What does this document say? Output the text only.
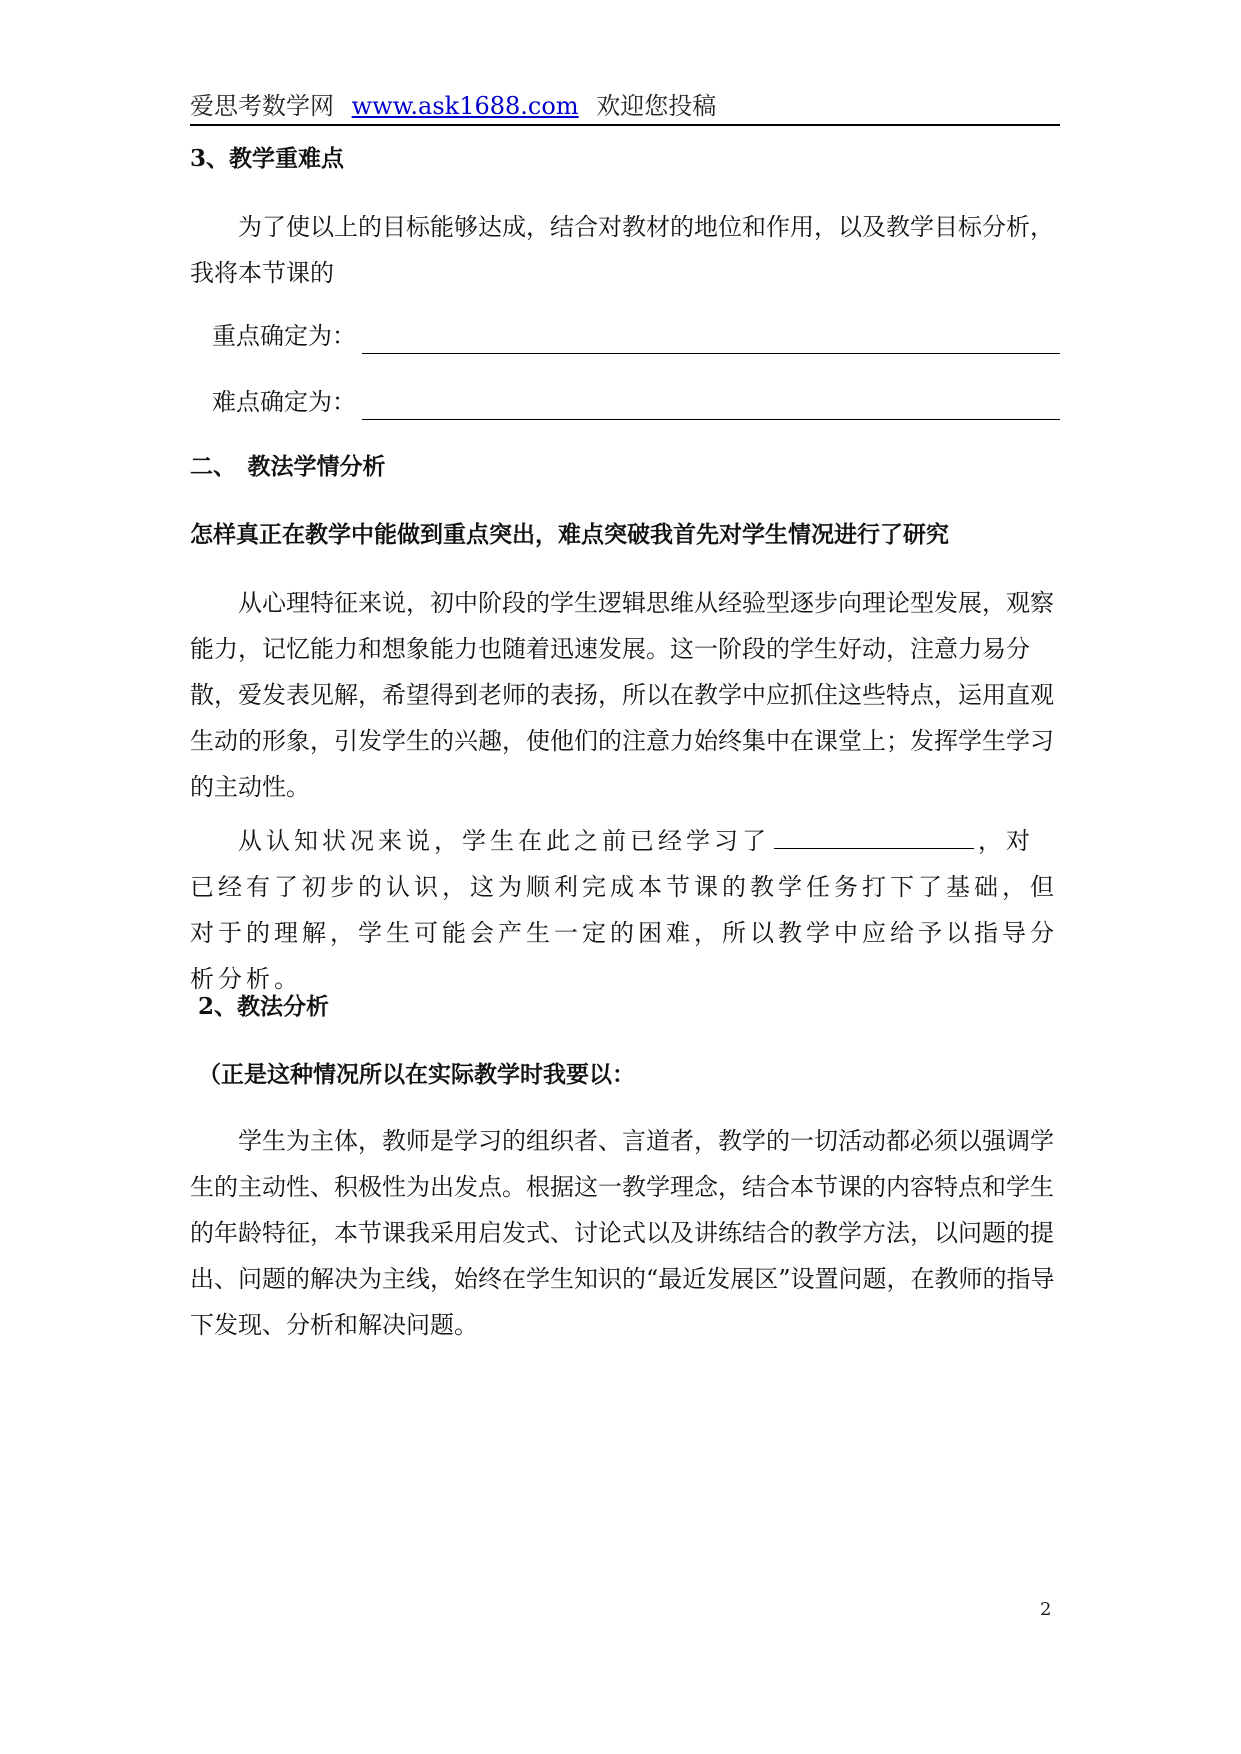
爱思考数学网 www.ask1688.com 欢迎您投稿

3、教学重难点

为了使以上的目标能够达成，结合对教材的地位和作用，以及教学目标分析，我将本节课的

重点确定为：
难点确定为：

二、　教法学情分析

怎样真正在教学中能做到重点突出，难点突破我首先对学生情况进行了研究

从心理特征来说，初中阶段的学生逻辑思维从经验型逐步向理论型发展，观察能力，记忆能力和想象能力也随着迅速发展。这一阶段的学生好动，注意力易分散，爱发表见解，希望得到老师的表扬，所以在教学中应抓住这些特点，运用直观生动的形象，引发学生的兴趣，使他们的注意力始终集中在课堂上；发挥学生学习的主动性。

从认知状况来说，学生在此之前已经学习了	，对已经有了初步的认识，这为顺利完成本节课的教学任务打下了基础，但对于的理解，学生可能会产生一定的困难，所以教学中应给予以指导分析分析。

2、教法分析

（正是这种情况所以在实际教学时我要以：

学生为主体，教师是学习的组织者、言道者，教学的一切活动都必须以强调学生的主动性、积极性为出发点。根据这一教学理念，结合本节课的内容特点和学生的年龄特征，本节课我采用启发式、讨论式以及讲练结合的教学方法，以问题的提出、问题的解决为主线，始终在学生知识的“最近发展区”设置问题，在教师的指导下发现、分析和解决问题。

2
